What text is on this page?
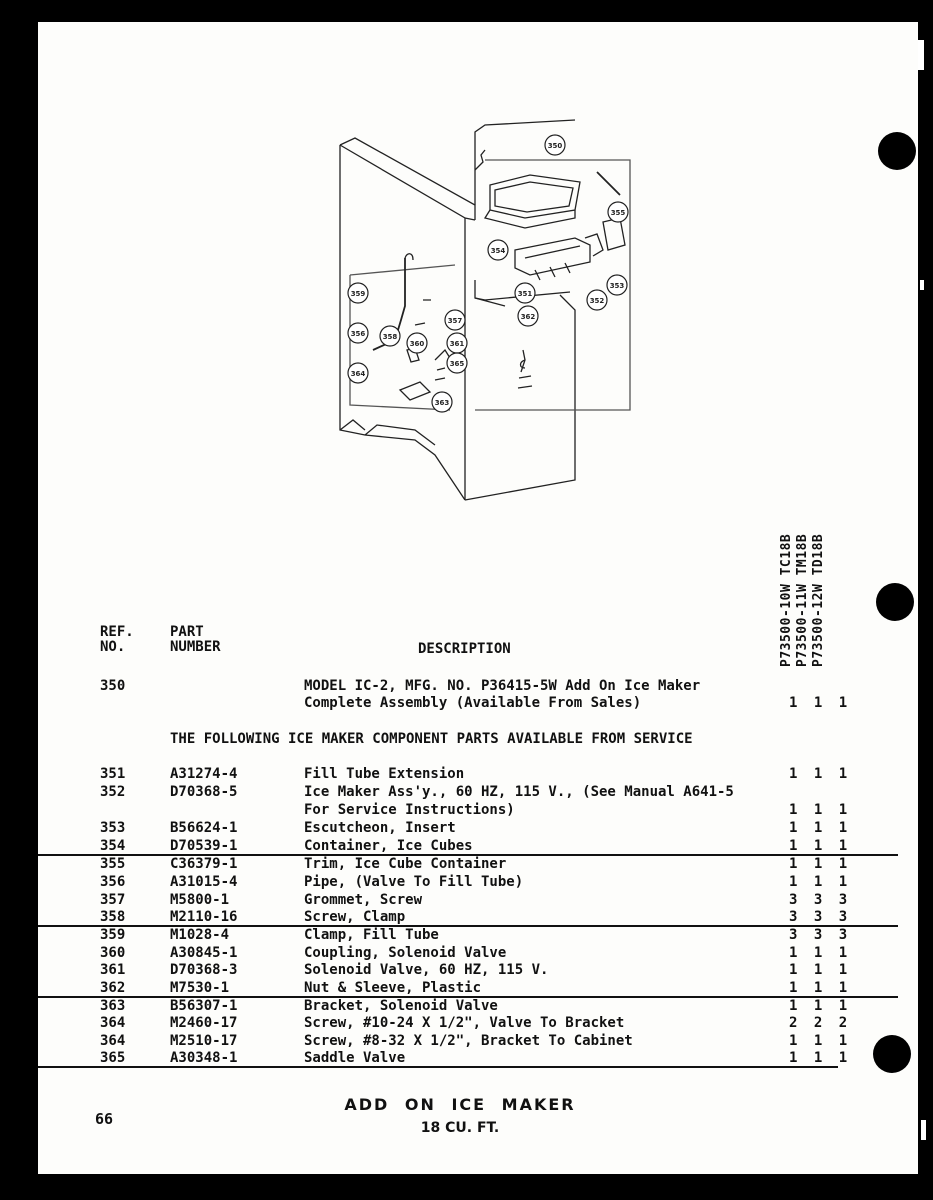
350
351
352
353
354
355
356
357
358
359
360	361
362
363
364
365
P73500-10W TC18B P73500-11W TM18B P73500-12W TD18B
REF.
NO.
PART
NUMBER	DESCRIPTION
350	MODEL IC-2, MFG. NO. P36415-5W Add On Ice Maker
Complete Assembly (Available From Sales)	1 1 1
THE FOLLOWING ICE MAKER COMPONENT PARTS AVAILABLE FROM SERVICE
351	A31274-4	Fill Tube Extension	1 1 1
352	D70368-5	Ice Maker Ass'y., 60 HZ, 115 V., (See Manual A641-5
For Service Instructions)	1 1 1
353	B56624-1	Escutcheon, Insert	1 1 1
354	D70539-1	Container, Ice Cubes	1 1 1
355	C36379-1	Trim, Ice Cube Container	1 1 1
356	A31015-4	Pipe, (Valve To Fill Tube)	1 1 1
357	M5800-1	Grommet, Screw	3 3 3
358	M2110-16	Screw, Clamp	3 3 3
359	M1028-4	Clamp, Fill Tube	3 3 3
360	A30845-1	Coupling, Solenoid Valve	1 1 1
361	D70368-3	Solenoid Valve, 60 HZ, 115 V.	1 1 1
362	M7530-1	Nut & Sleeve, Plastic	1 1 1
363	B56307-1	Bracket, Solenoid Valve	1 1 1
364	M2460-17	Screw, #10-24 X 1/2", Valve To Bracket	2 2 2
364	M2510-17	Screw, #8-32 X 1/2", Bracket To Cabinet	1 1 1
365	A30348-1	Saddle Valve	1 1 1
66
ADD ON ICE MAKER
18 CU. FT.
